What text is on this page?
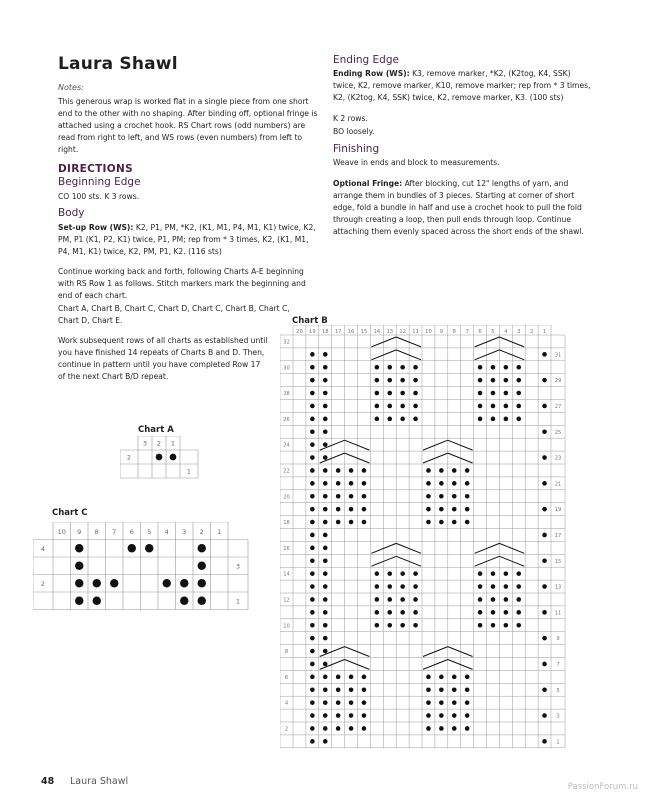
Laura Shawl
Notes:
This generous wrap is worked flat in a single piece from one short end to the other with no shaping. After binding off, optional fringe is attached using a crochet hook. RS Chart rows (odd numbers) are read from right to left, and WS rows (even numbers) from left to right.
DIRECTIONS
Beginning Edge
CO 100 sts. K 3 rows.
Body
Set-up Row (WS): K2, P1, PM, *K2, (K1, M1, P4, M1, K1) twice, K2, PM, P1 (K1, P2, K1) twice, P1, PM; rep from * 3 times, K2, (K1, M1, P4, M1, K1) twice, K2, PM, P1, K2. (116 sts)
Continue working back and forth, following Charts A-E beginning with RS Row 1 as follows. Stitch markers mark the beginning and end of each chart.
Chart A, Chart B, Chart C, Chart D, Chart C, Chart B, Chart C, Chart D, Chart E.
Work subsequent rows of all charts as established until you have finished 14 repeats of Charts B and D. Then, continue in pattern until you have completed Row 17 of the next Chart B/D repeat.
Ending Edge
Ending Row (WS): K3, remove marker, *K2, (K2tog, K4, SSK) twice, K2, remove marker, K10, remove marker; rep from * 3 times, K2, (K2tog, K4, SSK) twice, K2, remove marker, K3. (100 sts)
K 2 rows.
BO loosely.
Finishing
Weave in ends and block to measurements.
Optional Fringe: After blocking, cut 12" lengths of yarn, and arrange them in bundles of 3 pieces. Starting at corner of short edge, fold a bundle in half and use a crochet hook to pull the fold through creating a loop, then pull ends through loop. Continue attaching them evenly spaced across the short ends of the shawl.
Chart A
Chart C
Chart B
3 2 1
2
1
10 9 8 7 6 5 4 3 2 1
4
3
2
1
20 19 18 17 16 15 14 13 12 11 10 9 8 7 6 5 4 3 2 1
32
31
30
29
28
27
26
25
24
23
22
21
20
19
18
17
16
15
14
13
12
11
10
9
8
7
6
5
4
3
2
1
48 Laura Shawl	PassionForum.ru
